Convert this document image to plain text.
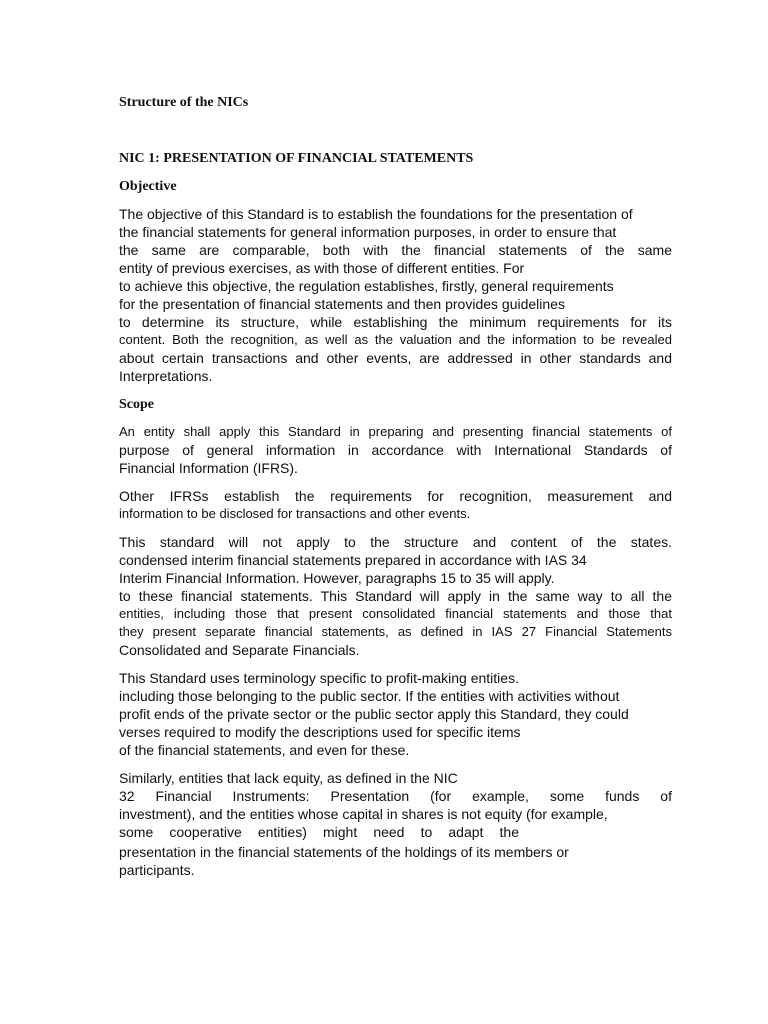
Structure of the NICs
NIC 1: PRESENTATION OF FINANCIAL STATEMENTS
Objective
The objective of this Standard is to establish the foundations for the presentation of
the financial statements for general information purposes, in order to ensure that
the same are comparable, both with the financial statements of the same
entity of previous exercises, as with those of different entities. For
to achieve this objective, the regulation establishes, firstly, general requirements
for the presentation of financial statements and then provides guidelines
to determine its structure, while establishing the minimum requirements for its
content. Both the recognition, as well as the valuation and the information to be revealed
about certain transactions and other events, are addressed in other standards and
Interpretations.
Scope
An entity shall apply this Standard in preparing and presenting financial statements of
purpose of general information in accordance with International Standards of
Financial Information (IFRS).
Other IFRSs establish the requirements for recognition, measurement and
information to be disclosed for transactions and other events.
This standard will not apply to the structure and content of the states.
condensed interim financial statements prepared in accordance with IAS 34
Interim Financial Information. However, paragraphs 15 to 35 will apply.
to these financial statements. This Standard will apply in the same way to all the
entities, including those that present consolidated financial statements and those that
they present separate financial statements, as defined in IAS 27 Financial Statements
Consolidated and Separate Financials.
This Standard uses terminology specific to profit-making entities.
including those belonging to the public sector. If the entities with activities without
profit ends of the private sector or the public sector apply this Standard, they could
verses required to modify the descriptions used for specific items
of the financial statements, and even for these.
Similarly, entities that lack equity, as defined in the NIC
32 Financial Instruments: Presentation (for example, some funds of
investment), and the entities whose capital in shares is not equity (for example,
some cooperative entities) might need to adapt the
presentation in the financial statements of the holdings of its members or
participants.
